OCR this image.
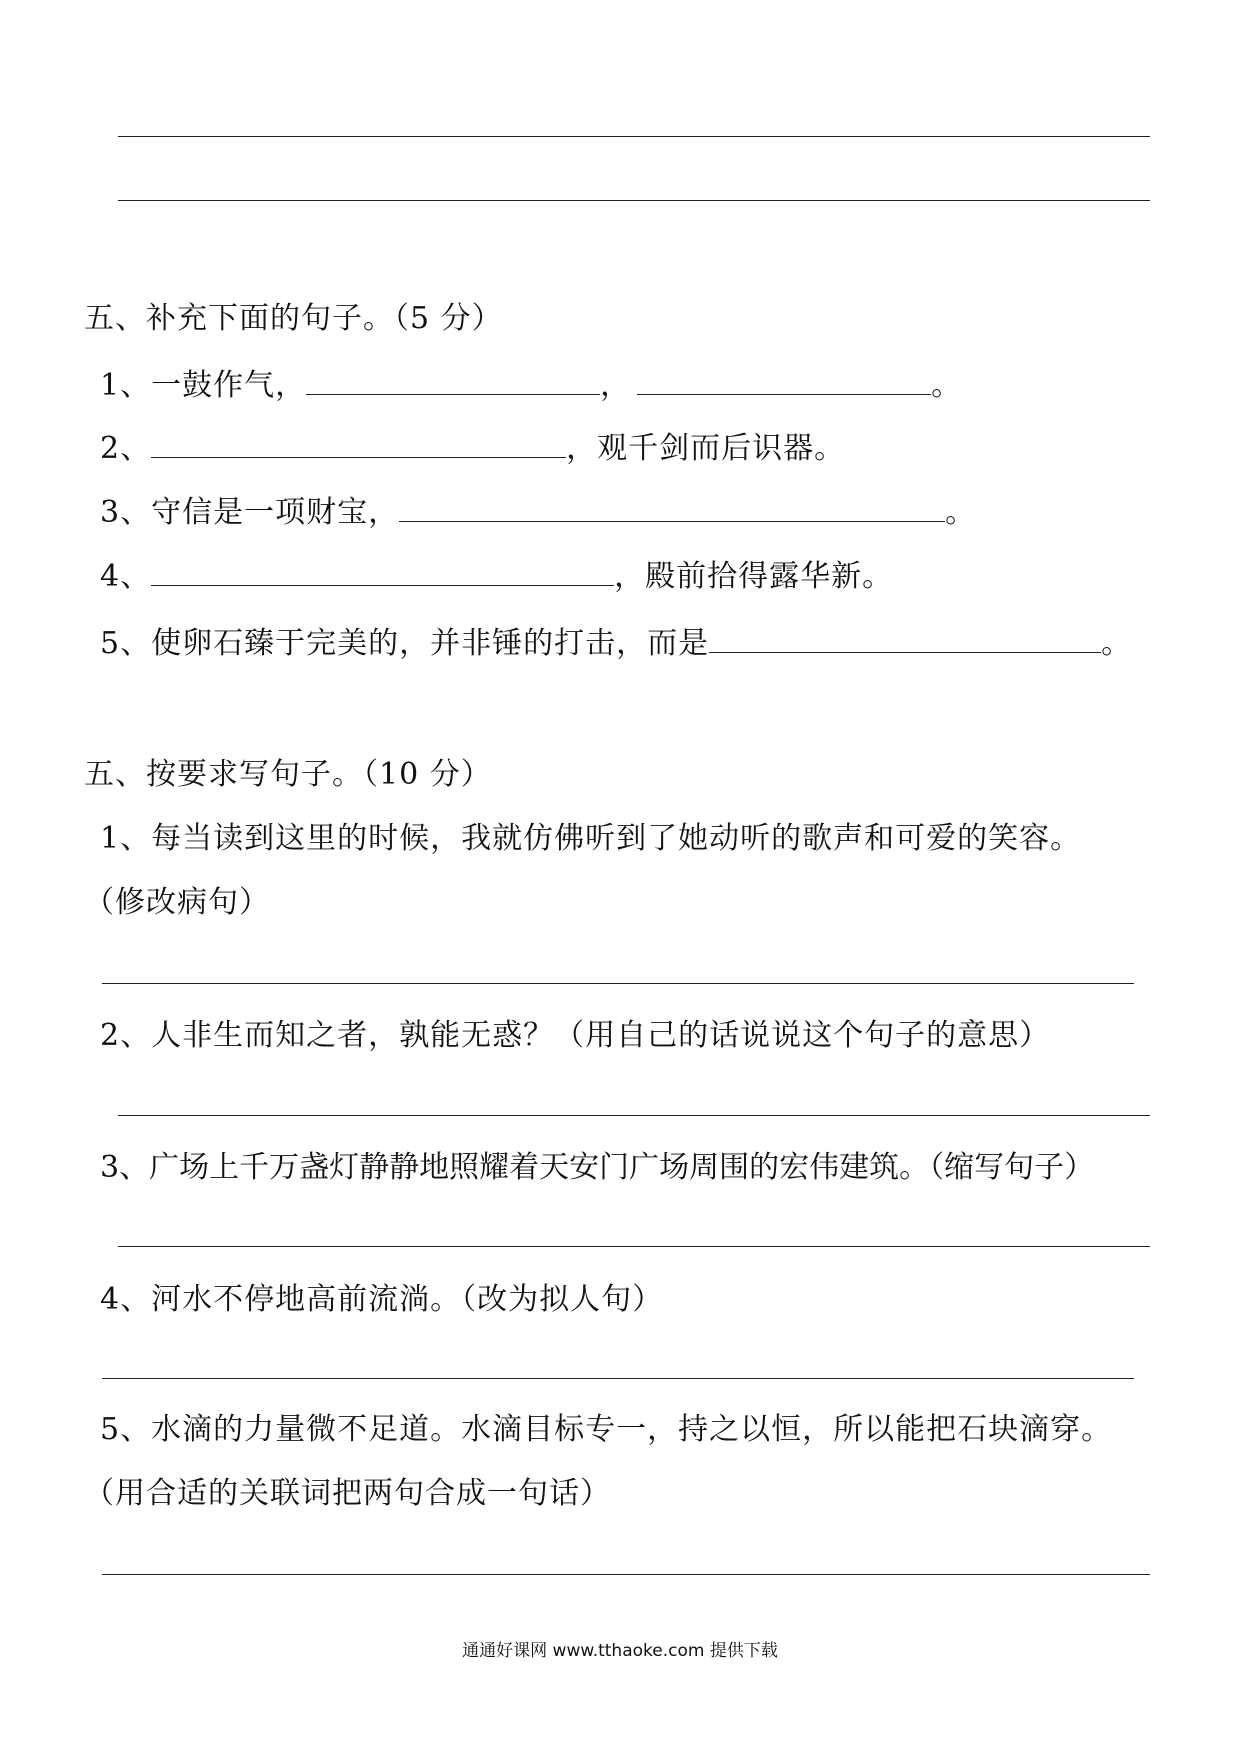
五、补充下面的句子。（5 分）
1、一鼓作气，	，	。
2、	，观千剑而后识器。
3、守信是一项财宝，	。
4、	，殿前拾得露华新。
5、使卵石臻于完美的，并非锤的打击，而是	。
五、按要求写句子。（10 分）
1、每当读到这里的时候，我就仿佛听到了她动听的歌声和可爱的笑容。
（修改病句）
2、人非生而知之者，孰能无惑？（用自己的话说说这个句子的意思）
3、广场上千万盏灯静静地照耀着天安门广场周围的宏伟建筑。（缩写句子）
4、河水不停地高前流淌。（改为拟人句）
5、水滴的力量微不足道。水滴目标专一，持之以恒，所以能把石块滴穿。
（用合适的关联词把两句合成一句话）
通通好课网 www.tthaoke.com 提供下载
